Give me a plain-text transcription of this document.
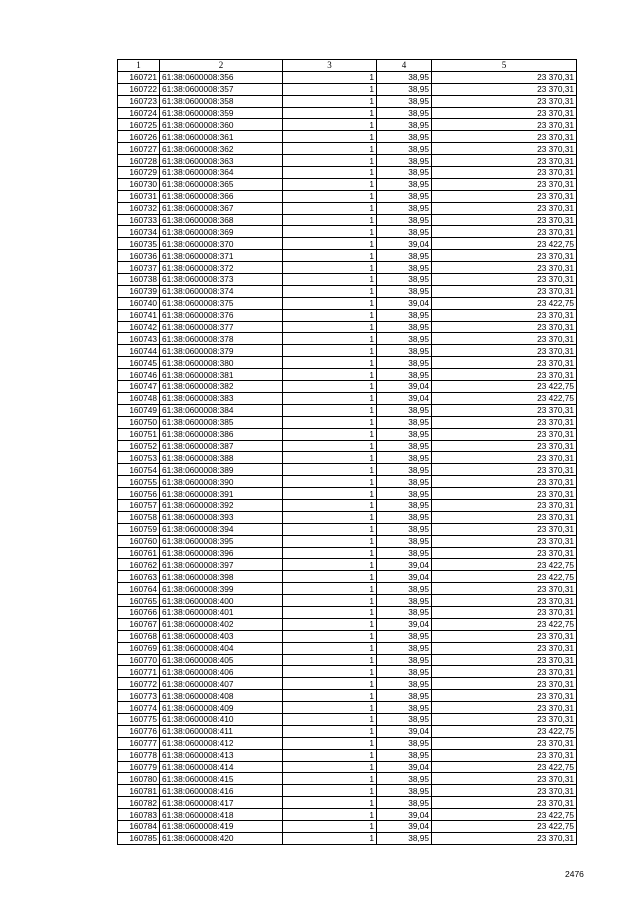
1	2	3	4	5
160721	61:38:0600008:356	1	38,95	23 370,31
160722	61:38:0600008:357	1	38,95	23 370,31
160723	61:38:0600008:358	1	38,95	23 370,31
160724	61:38:0600008:359	1	38,95	23 370,31
160725	61:38:0600008:360	1	38,95	23 370,31
160726	61:38:0600008:361	1	38,95	23 370,31
160727	61:38:0600008:362	1	38,95	23 370,31
160728	61:38:0600008:363	1	38,95	23 370,31
160729	61:38:0600008:364	1	38,95	23 370,31
160730	61:38:0600008:365	1	38,95	23 370,31
160731	61:38:0600008:366	1	38,95	23 370,31
160732	61:38:0600008:367	1	38,95	23 370,31
160733	61:38:0600008:368	1	38,95	23 370,31
160734	61:38:0600008:369	1	38,95	23 370,31
160735	61:38:0600008:370	1	39,04	23 422,75
160736	61:38:0600008:371	1	38,95	23 370,31
160737	61:38:0600008:372	1	38,95	23 370,31
160738	61:38:0600008:373	1	38,95	23 370,31
160739	61:38:0600008:374	1	38,95	23 370,31
160740	61:38:0600008:375	1	39,04	23 422,75
160741	61:38:0600008:376	1	38,95	23 370,31
160742	61:38:0600008:377	1	38,95	23 370,31
160743	61:38:0600008:378	1	38,95	23 370,31
160744	61:38:0600008:379	1	38,95	23 370,31
160745	61:38:0600008:380	1	38,95	23 370,31
160746	61:38:0600008:381	1	38,95	23 370,31
160747	61:38:0600008:382	1	39,04	23 422,75
160748	61:38:0600008:383	1	39,04	23 422,75
160749	61:38:0600008:384	1	38,95	23 370,31
160750	61:38:0600008:385	1	38,95	23 370,31
160751	61:38:0600008:386	1	38,95	23 370,31
160752	61:38:0600008:387	1	38,95	23 370,31
160753	61:38:0600008:388	1	38,95	23 370,31
160754	61:38:0600008:389	1	38,95	23 370,31
160755	61:38:0600008:390	1	38,95	23 370,31
160756	61:38:0600008:391	1	38,95	23 370,31
160757	61:38:0600008:392	1	38,95	23 370,31
160758	61:38:0600008:393	1	38,95	23 370,31
160759	61:38:0600008:394	1	38,95	23 370,31
160760	61:38:0600008:395	1	38,95	23 370,31
160761	61:38:0600008:396	1	38,95	23 370,31
160762	61:38:0600008:397	1	39,04	23 422,75
160763	61:38:0600008:398	1	39,04	23 422,75
160764	61:38:0600008:399	1	38,95	23 370,31
160765	61:38:0600008:400	1	38,95	23 370,31
160766	61:38:0600008:401	1	38,95	23 370,31
160767	61:38:0600008:402	1	39,04	23 422,75
160768	61:38:0600008:403	1	38,95	23 370,31
160769	61:38:0600008:404	1	38,95	23 370,31
160770	61:38:0600008:405	1	38,95	23 370,31
160771	61:38:0600008:406	1	38,95	23 370,31
160772	61:38:0600008:407	1	38,95	23 370,31
160773	61:38:0600008:408	1	38,95	23 370,31
160774	61:38:0600008:409	1	38,95	23 370,31
160775	61:38:0600008:410	1	38,95	23 370,31
160776	61:38:0600008:411	1	39,04	23 422,75
160777	61:38:0600008:412	1	38,95	23 370,31
160778	61:38:0600008:413	1	38,95	23 370,31
160779	61:38:0600008:414	1	39,04	23 422,75
160780	61:38:0600008:415	1	38,95	23 370,31
160781	61:38:0600008:416	1	38,95	23 370,31
160782	61:38:0600008:417	1	38,95	23 370,31
160783	61:38:0600008:418	1	39,04	23 422,75
160784	61:38:0600008:419	1	39,04	23 422,75
160785	61:38:0600008:420	1	38,95	23 370,31
2476
